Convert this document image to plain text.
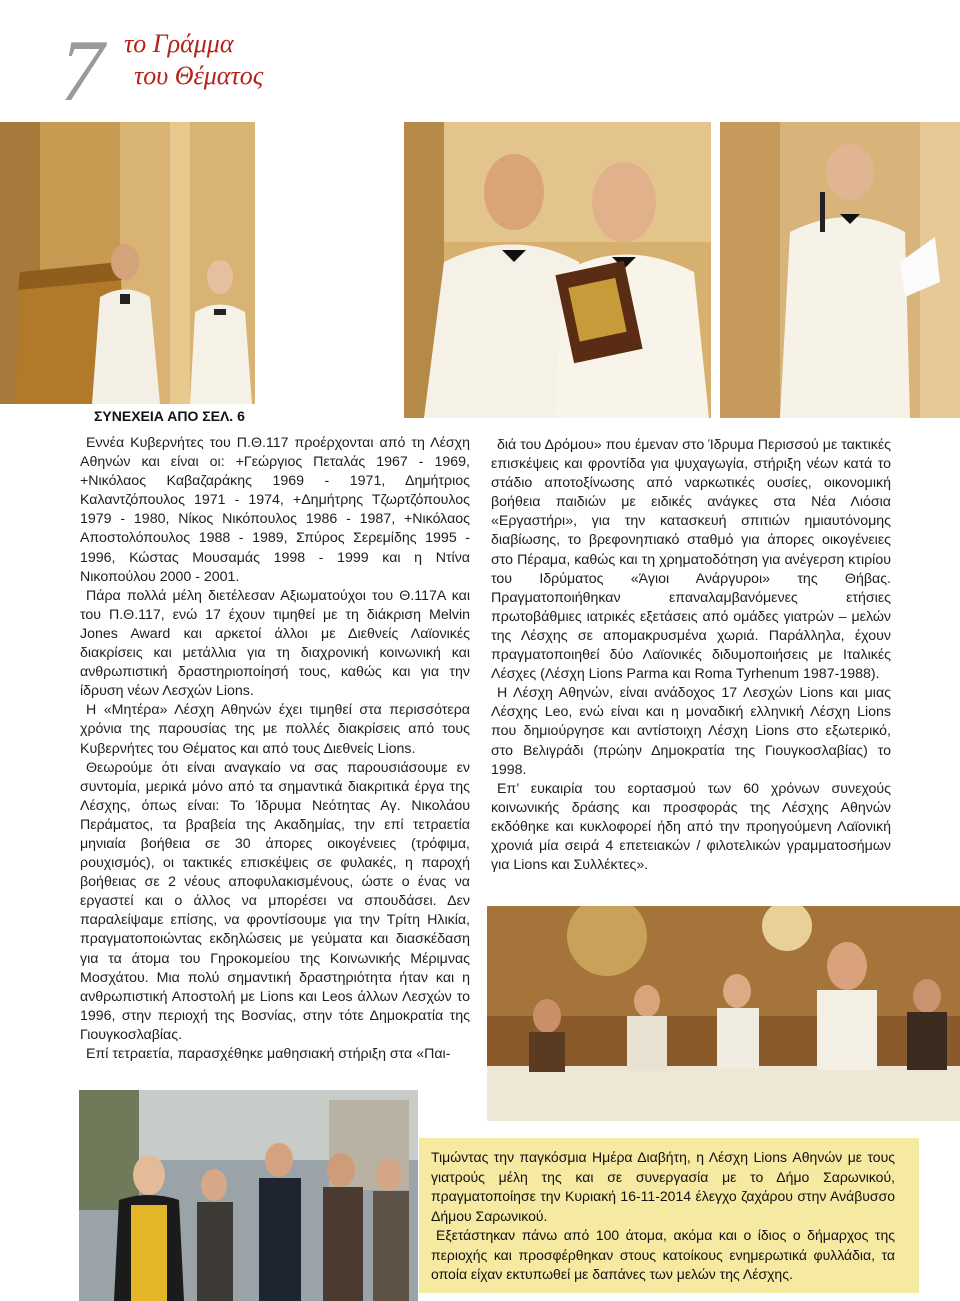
7 το Γράμμα
του Θέματος
ΣΥΝΕΧΕΙΑ ΑΠΟ ΣΕΛ. 6

Εννέα Κυβερνήτες του Π.Θ.117 προέρχονται από τη Λέσχη Αθηνών και είναι οι: +Γεώργιος Πεταλάς 1967 - 1969, +Νικόλαος Καβαζαράκης 1969 - 1971, Δημήτριος Καλαντζόπουλος 1971 - 1974, +Δημήτρης Τζωρτζόπουλος 1979 - 1980, Νίκος Νικόπουλος 1986 - 1987, +Νικόλαος Αποστολόπουλος 1988 - 1989, Σπύρος Σερεμίδης 1995 - 1996, Κώστας Μουσαμάς 1998 - 1999 και η Ντίνα Νικοπούλου 2000 - 2001.

Πάρα πολλά μέλη διετέλεσαν Αξιωματούχοι του Θ.117Α και του Π.Θ.117, ενώ 17 έχουν τιμηθεί με τη διάκριση Melvin Jones Award και αρκετοί άλλοι με Διεθνείς Λαϊονικές διακρίσεις και μετάλλια για τη διαχρονική κοινωνική και ανθρωπιστική δραστηριοποίησή τους, καθώς και για την ίδρυση νέων Λεσχών Lions.

Η «Μητέρα» Λέσχη Αθηνών έχει τιμηθεί στα περισσότερα χρόνια της παρουσίας της με πολλές διακρίσεις από τους Κυβερνήτες του Θέματος και από τους Διεθνείς Lions.

Θεωρούμε ότι είναι αναγκαίο να σας παρουσιάσουμε εν συντομία, μερικά μόνο από τα σημαντικά διακριτικά έργα της Λέσχης, όπως είναι: Το Ίδρυμα Νεότητας Αγ. Νικολάου Περάματος, τα βραβεία της Ακαδημίας, την επί τετραετία μηνιαία βοήθεια σε 30 άπορες οικογένειες (τρόφιμα, ρουχισμός), οι τακτικές επισκέψεις σε φυλακές, η παροχή βοήθειας σε 2 νέους αποφυλακισμένους, ώστε ο ένας να εργαστεί και ο άλλος να μπορέσει να σπουδάσει. Δεν παραλείψαμε επίσης, να φροντίσουμε για την Τρίτη Ηλικία, πραγματοποιώντας εκδηλώσεις με γεύματα και διασκέδαση για τα άτομα του Γηροκομείου της Κοινωνικής Μέριμνας Μοσχάτου. Μια πολύ σημαντική δραστηριότητα ήταν και η ανθρωπιστική Αποστολή με Lions και Leos άλλων Λεσχών το 1996, στην περιοχή της Βοσνίας, στην τότε Δημοκρατία της Γιουγκοσλαβίας.

Επί τετραετία, παρασχέθηκε μαθησιακή στήριξη στα «Παι-

διά του Δρόμου» που έμεναν στο Ίδρυμα Περισσού με τακτικές επισκέψεις και φροντίδα για ψυχαγωγία, στήριξη νέων κατά το στάδιο αποτοξίνωσης από ναρκωτικές ουσίες, οικονομική βοήθεια παιδιών με ειδικές ανάγκες στα Νέα Λιόσια «Εργαστήρι», για την κατασκευή σπιτιών ημιαυτόνομης διαβίωσης, το βρεφονηπιακό σταθμό για άπορες οικογένειες στο Πέραμα, καθώς και τη χρηματοδότηση για ανέγερση κτιρίου του Ιδρύματος «Άγιοι Ανάργυροι» της Θήβας. Πραγματοποιήθηκαν επαναλαμβανόμενες ετήσιες πρωτοβάθμιες ιατρικές εξετάσεις από ομάδες γιατρών – μελών της Λέσχης σε απομακρυσμένα χωριά. Παράλληλα, έχουν πραγματοποιηθεί δύο Λαϊονικές διδυμοποιήσεις με Ιταλικές Λέσχες (Λέσχη Lions Parma και Roma Tyrhenum 1987-1988).

Η Λέσχη Αθηνών, είναι ανάδοχος 17 Λεσχών Lions και μιας Λέσχης Leo, ενώ είναι και η μοναδική ελληνική Λέσχη Lions που δημιούργησε και αντίστοιχη Λέσχη Lions στο εξωτερικό, στο Βελιγράδι (πρώην Δημοκρατία της Γιουγκοσλαβίας) το 1998.

Επ’ ευκαιρία του εορτασμού των 60 χρόνων συνεχούς κοινωνικής δράσης και προσφοράς της Λέσχης Αθηνών εκδόθηκε και κυκλοφορεί ήδη από την προηγούμενη Λαϊονική χρονιά μία σειρά 4 επετειακών / φιλοτελικών γραμματοσήμων για Lions και Συλλέκτες».

Τιμώντας την παγκόσμια Ημέρα Διαβήτη, η Λέσχη Lions Αθηνών με τους γιατρούς μέλη της και σε συνεργασία με το Δήμο Σαρωνικού, πραγματοποίησε την Κυριακή 16-11-2014 έλεγχο ζαχάρου στην Ανάβυσσο Δήμου Σαρωνικού.

Εξετάστηκαν πάνω από 100 άτομα, ακόμα και ο ίδιος ο δήμαρχος της περιοχής και προσφέρθηκαν στους κατοίκους ενημερωτικά φυλλάδια, τα οποία είχαν εκτυπωθεί με δαπάνες των μελών της Λέσχης.
